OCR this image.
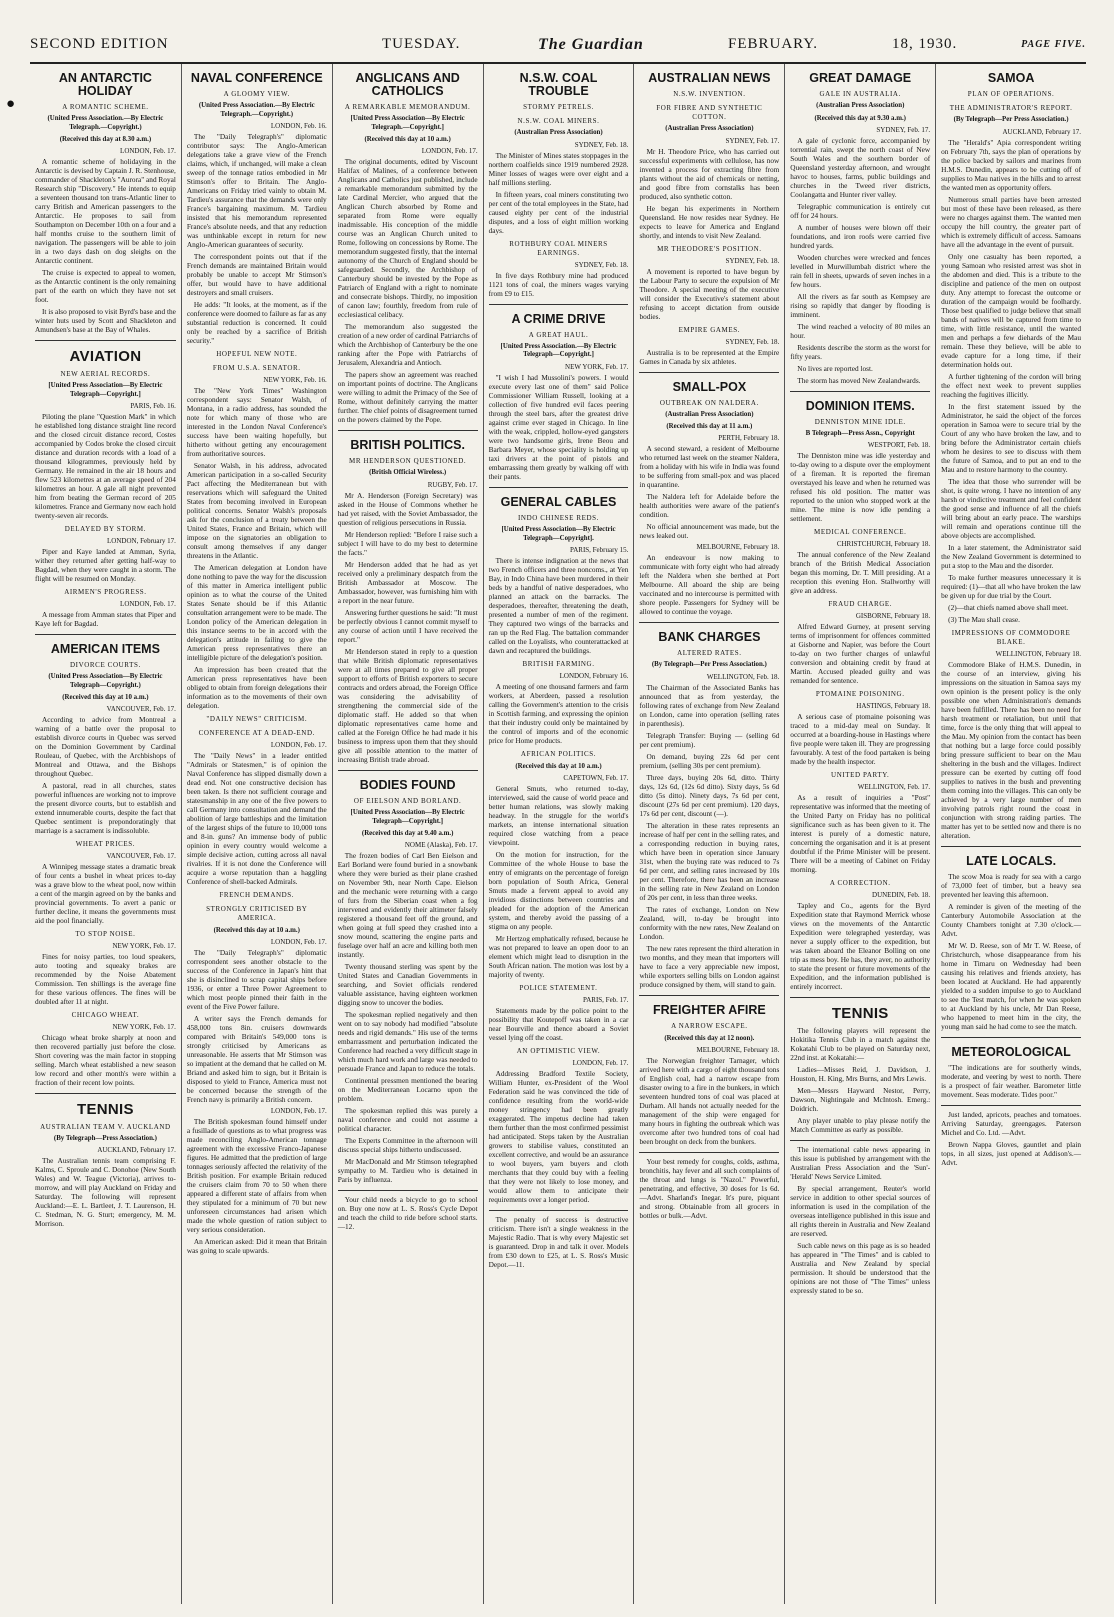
SECOND EDITION	TUESDAY.	The Guardian	FEBRUARY.	18, 1930.	PAGE FIVE.
●
AN ANTARCTIC HOLIDAY
A ROMANTIC SCHEME.
(United Press Association.—By Electric Telegraph.—Copyright.)
(Received this day at 8.30 a.m.)
LONDON, Feb. 17.

A romantic scheme of holidaying in the Antarctic is devised by Captain J. R. Stenhouse, commander of Shackleton's "Aurora" and Royal Research ship "Discovery." He intends to equip a seventeen thousand ton trans-Atlantic liner to carry British and American passengers to the Antarctic. He proposes to sail from Southampton on December 10th on a four and a half months cruise to the southern limit of navigation. The passengers will be able to join in a two days dash on dog sleighs on the Antarctic continent.

The cruise is expected to appeal to women, as the Antarctic continent is the only remaining part of the earth on which they have not set foot.

It is also proposed to visit Byrd's base and the winter huts used by Scott and Shackleton and Amundsen's base at the Bay of Whales.

AVIATION
NEW AERIAL RECORDS.
[United Press Association—By Electric Telegraph—Copyright.]
PARIS, Feb. 16.

Piloting the plane "Question Mark" in which he established long distance straight line record and the closed circuit distance record, Costes accompanied by Codos broke the closed circuit distance and duration records with a load of a thousand kilogrammes, previously held by Germany. He remained in the air 18 hours and flew 523 kilometres at an average speed of 204 kilometres an hour. A gale all night prevented him from beating the German record of 205 kilometres. France and Germany now each hold twenty-seven air records.

DELAYED BY STORM.
LONDON, February 17.

Piper and Kaye landed at Amman, Syria, wither they returned after getting half-way to Bagdad, when they were caught in a storm. The flight will be resumed on Monday.

AIRMEN'S PROGRESS.
LONDON, Feb. 17.

A message from Amman states that Piper and Kaye left for Bagdad.

AMERICAN ITEMS
DIVORCE COURTS.
(United Press Association—By Electric Telegraph—Copyright.)
(Received this day at 10 a.m.)
VANCOUVER, Feb. 17.

According to advice from Montreal a warning of a battle over the proposal to establish divorce courts in Quebec was served on the Dominion Government by Cardinal Rouleau, of Quebec, with the Archbishops of Montreal and Ottawa, and the Bishops throughout Quebec.

A pastoral, read in all churches, states powerful influences are working not to improve the present divorce courts, but to establish and extend innumerable courts, despite the fact that Quebec sentiment is prepondoratingly that marriage is a sacrament is indissoluble.

WHEAT PRICES.
VANCOUVER, Feb. 17.

A Winnipeg message states a dramatic break of four cents a bushel in wheat prices to-day was a grave blow to the wheat pool, now within a cent of the margin agreed on by the banks and provincial governments. To avert a panic or further decline, it means the governments must aid the pool financially.

TO STOP NOISE.
NEW YORK, Feb. 17.

Fines for noisy parties, too loud speakers, auto tooting and squeaky brakes are recommended by the Noise Abatement Commission. Ten shillings is the average fine for these various offences. The fines will be doubled after 11 at night.

CHICAGO WHEAT.
NEW YORK, Feb. 17.

Chicago wheat broke sharply at noon and then recovered partially just before the close. Short covering was the main factor in stopping selling. March wheat established a new season low record and other month's were within a fraction of their recent low points.

TENNIS
AUSTRALIAN TEAM V. AUCKLAND
(By Telegraph—Press Association.)
AUCKLAND, February 17.

The Australian tennis team comprising F. Kalms, C. Sproule and C. Donohoe (New South Wales) and W. Teague (Victoria), arrives to-morrow, and will play Auckland on Friday and Saturday. The following will represent Auckland:—E. L. Bartleet, J. T. Laurenson, H. C. Stedman, N. G. Sturt; emergency, M. M. Morrison.

NAVAL CONFERENCE
A GLOOMY VIEW.
(United Press Association.—By Electric Telegraph.—Copyright.)
LONDON, Feb. 16.

The "Daily Telegraph's" diplomatic contributor says: The Anglo-American delegations take a grave view of the French claims, which, if unchanged, will make a clean sweep of the tonnage ratios embodied in Mr Stimson's offer to Britain. The Anglo-Americans on Friday tried vainly to obtain M. Tardieu's assurance that the demands were only France's bargaining maximum. M. Tardieu insisted that his memorandum represented France's absolute needs, and that any reduction was unthinkable except in return for new Anglo-American guarantees of security.

The correspondent points out that if the French demands are maintained Britain would probably be unable to accept Mr Stimson's offer, but would have to have additional destroyers and small cruisers.

He adds: "It looks, at the moment, as if the conference were doomed to failure as far as any substantial reduction is concerned. It could only be reached by a sacrifice of British security."

HOPEFUL NEW NOTE.
FROM U.S.A. SENATOR.
NEW YORK, Feb. 16.

The "New York Times" Washington correspondent says: Senator Walsh, of Montana, in a radio address, has sounded the note for which many of those who are interested in the London Naval Conference's success have been waiting hopefully, but hitherto without getting any encouragement from authoritative sources.

Senator Walsh, in his address, advocated American participation in a so-called Security Pact affecting the Mediterranean but with reservations which will safeguard the United States from becoming involved in European political concerns. Senator Walsh's proposals ask for the conclusion of a treaty between the United States, France and Britain, which will impose on the signatories an obligation to consult among themselves if any danger threatens in the Atlantic.

The American delegation at London have done nothing to pave the way for the discussion of this matter in America intelligent public opinion as to what the course of the United States Senate should be if this Atlantic consultation arrangement were to be made. The London policy of the American delegation in this instance seems to be in accord with the delegation's attitude in failing to give the American press representatives there an intelligible picture of the delegation's position.

An impression has been created that the American press representatives have been obliged to obtain from foreign delegations their information as to the movements of their own delegation.

"DAILY NEWS" CRITICISM.
CONFERENCE AT A DEAD-END.
LONDON, Feb. 17.

The "Daily News" in a leader entitled "Admirals or Statesmen," is of opinion the Naval Conference has slipped dismally down a dead end. Not one constructive decision has been taken. Is there not sufficient courage and statesmanship in any one of the five powers to call Germany into consultation and demand the abolition of large battleships and the limitation of the largest ships of the future to 10,000 tons and 8-in. guns? An immense body of public opinion in every country would welcome a simple decisive action, cutting across all naval rivalries. If it is not done the Conference will acquire a worse reputation than a haggling Conference of shell-backed Admirals.

FRENCH DEMANDS.
STRONGLY CRITICISED BY AMERICA.
(Received this day at 10 a.m.)
LONDON, Feb. 17.

The "Daily Telegraph's" diplomatic correspondent sees another obstacle to the success of the Conference in Japan's hint that she is disinclined to scrap capital ships before 1936, or enter a Three Power Agreement to which most people pinned their faith in the event of the Five Power failure.

A writer says the French demands for 458,000 tons 8in. cruisers downwards compared with Britain's 549,000 tons is strongly criticised by Americans as unreasonable. He asserts that Mr Stimson was so impatient at the demand that he called on M. Briand and asked him to sign, but it Britain is disposed to yield to France, America must not be concerned because the strength of the French navy is primarily a British concern.

LONDON, Feb. 17.

The British spokesman found himself under a fusillade of questions as to what progress was made reconciling Anglo-American tonnage agreement with the excessive Franco-Japanese figures. He admitted that the prediction of large tonnages seriously affected the relativity of the British position. For example Britain reduced the cruisers claim from 70 to 50 when there appeared a different state of affairs from when they stipulated for a minimum of 70 but new unforeseen circumstances had arisen which made the whole question of ration subject to very serious consideration.

An American asked: Did it mean that Britain was going to scale upwards.

ANGLICANS AND CATHOLICS
A REMARKABLE MEMORANDUM.
[United Press Association—By Electric Telegraph.—Copyright.]
(Received this day at 10 a.m.)
LONDON, Feb. 17.

The original documents, edited by Viscount Halifax of Malines, of a conference between Anglicans and Catholics just published, include a remarkable memorandum submitted by the late Cardinal Mercier, who argued that the Anglican Church absorbed by Rome and separated from Rome were equally inadmissable. His conception of the middle course was an Anglican Church united to Rome, following on concessions by Rome. The memorandum suggested firstly, that the internal autonomy of the Church of England should be safeguarded. Secondly, the Archbishop of Canterbury should be invested by the Pope as Patriarch of England with a right to nominate and consecrate bishops. Thirdly, no imposition of canon law; fourthly, freedom from rule of ecclesiastical celibacy.

The memorandum also suggested the creation of a new order of cardinal Patriarchs of which the Archbishop of Canterbury be the one ranking after the Pope with Patriarchs of Jerusalem, Alexandria and Antioch.

The papers show an agreement was reached on important points of doctrine. The Anglicans were willing to admit the Primacy of the See of Rome, without definitely carrying the matter further. The chief points of disagreement turned on the powers claimed by the Pope.

BRITISH POLITICS.
MR HENDERSON QUESTIONED.
(British Official Wireless.)
RUGBY, Feb. 17.

Mr A. Henderson (Foreign Secretary) was asked in the House of Commons whether he had yet raised, with the Soviet Ambassador, the question of religious persecutions in Russia.

Mr Henderson replied: "Before I raise such a subject I will have to do my best to determine the facts."

Mr Henderson added that he had as yet received only a preliminary despatch from the British Ambassador at Moscow. The Ambassador, however, was furnishing him with a report in the near future.

Answering further questions he said: "It must be perfectly obvious I cannot commit myself to any course of action until I have received the report."

Mr Henderson stated in reply to a question that while British diplomatic representatives were at all times prepared to give all proper support to efforts of British exporters to secure contracts and orders abroad, the Foreign Office was considering the advisability of strengthening the commercial side of the diplomatic staff. He added so that when diplomatic representatives came home and called at the Foreign Office he had made it his business to impress upon them that they should give all possible attention to the matter of increasing British trade abroad.

BODIES FOUND
OF EIELSON AND BORLAND.
[United Press Association—By Electric Telegraph—Copyright.]
(Received this day at 9.40 a.m.)
NOME (Alaska), Feb. 17.

The frozen bodies of Carl Ben Eielson and Earl Borland were found buried in a snowbank where they were buried as their plane crashed on November 9th, near North Cape. Eielson and the mechanic were returning with a cargo of furs from the Siberian coast when a fog intervened and evidently their altimeter falsely registered a thousand feet off the ground, and when going at full speed they crashed into a snow mound, scattering the engine parts and fuselage over half an acre and killing both men instantly.

Twenty thousand sterling was spent by the United States and Canadian Governments in searching, and Soviet officials rendered valuable assistance, having eighteen workmen digging snow to uncover the bodies.

The spokesman replied negatively and then went on to say nobody had modified "absolute needs and rigid demands." His use of the terms embarrassment and perturbation indicated the Conference had reached a very difficult stage in which much hard work and large was needed to persuade France and Japan to reduce the totals.

Continental pressmen mentioned the bearing on the Mediterranean Locarno upon the problem.

The spokesman replied this was purely a naval conference and could not assume a political character.

The Experts Committee in the afternoon will discuss special ships hitherto undiscussed.

Mr MacDonald and Mr Stimson telegraphed sympathy to M. Tardieu who is detained in Paris by influenza.

Your child needs a bicycle to go to school on. Buy one now at L. S. Ross's Cycle Depot and teach the child to ride before school starts.—12.

N.S.W. COAL TROUBLE
STORMY PETRELS.
N.S.W. COAL MINERS.
(Australian Press Association)
SYDNEY, Feb. 18.

The Minister of Mines states stoppages in the northern coalfields since 1919 numbered 2928. Miner losses of wages were over eight and a half millions sterling.

In fifteen years, coal miners constituting two per cent of the total employees in the State, had caused eighty per cent of the industrial disputes, and a loss of eight million working days.

ROTHBURY COAL MINERS EARNINGS.
SYDNEY, Feb. 18.

In five days Rothbury mine had produced 1121 tons of coal, the miners wages varying from £9 to £15.

A CRIME DRIVE
A GREAT HAUL.
[United Press Association.—By Electric Telegraph—Copyright.]
NEW YORK, Feb. 17.

"I wish I had Mussolini's powers. I would execute every last one of them" said Police Commissioner William Russell, looking at a collection of five hundred evil faces peering through the steel bars, after the greatest drive against crime ever staged in Chicago. In line with the weak, crippled, hollow-eyed gangsters were two handsome girls, Irene Beou and Barbara Meyer, whose speciality is holding up taxi drivers at the point of pistols and embarrassing them greatly by walking off with their pants.

GENERAL CABLES
INDO CHINESE REDS.
[United Press Association—By Electric Telegraph—Copyright].
PARIS, February 15.

There is intense indignation at the news that two French officers and three noncoms., at Yen Bay, in Indo China have been murdered in their beds by a handful of native desperadoes, who planned an attack on the barracks. The desperadoes, thereafter, threatening the death, presented a number of men of the regiment. They captured two wings of the barracks and ran up the Red Flag. The battalion commander called on the Loyalists, who counterattacked at dawn and recaptured the buildings.

BRITISH FARMING.
LONDON, February 16.

A meeting of one thousand farmers and farm workers, at Aberdeen, passed a resolution calling the Government's attention to the crisis in Scottish farming, and expressing the opinion that their industry could only be maintained by the control of imports and of the economic price for Home products.

AFRICAN POLITICS.
(Received this day at 10 a.m.)
CAPETOWN, Feb. 17.

General Smuts, who returned to-day, interviewed, said the cause of world peace and better human relations, was slowly making headway. In the struggle for the world's markets, an intense international situation required close watching from a peace viewpoint.

On the motion for instruction, for the Committee of the whole House to base the entry of emigrants on the percentage of foreign born population of South Africa, General Smuts made a fervent appeal to avoid any invidious distinctions between countries and pleaded for the adoption of the American system, and thereby avoid the passing of a stigma on any people.

Mr Hertzog emphatically refused, because he was not prepared to leave an open door to an element which might lead to disruption in the South African nation. The motion was lost by a majority of twenty.

POLICE STATEMENT.
PARIS, Feb. 17.

Statements made by the police point to the possibility that Koutepoff was taken in a car near Bourville and thence aboard a Soviet vessel lying off the coast.

AN OPTIMISTIC VIEW.
LONDON, Feb. 17.

Addressing Bradford Textile Society, William Hunter, ex-President of the Wool Federation said he was convinced the tide of confidence resulting from the world-wide money stringency had been greatly exaggerated. The impetus decline had taken them further than the most confirmed pessimist had anticipated. Steps taken by the Australian growers to stabilise values, constituted an excellent corrective, and would be an assurance to wool buyers, yarn buyers and cloth merchants that they could buy with a feeling that they were not likely to lose money, and would allow them to anticipate their requirements over a longer period.

The penalty of success is destructive criticism. There isn't a single weakness in the Majestic Radio. That is why every Majestic set is guaranteed. Drop in and talk it over. Models from £30 down to £25, at L. S. Ross's Music Depot.—11.

AUSTRALIAN NEWS
N.S.W. INVENTION.
FOR FIBRE AND SYNTHETIC COTTON.
(Australian Press Association)
SYDNEY, Feb. 17.

Mr H. Theodore Price, who has carried out successful experiments with cellulose, has now invented a process for extracting fibre from plants without the aid of chemicals or netting, and good fibre from cornstalks has been produced, also synthetic cotton.

He began his experiments in Northern Queensland. He now resides near Sydney. He expects to leave for America and England shortly, and intends to visit New Zealand.

MR THEODORE'S POSITION.
SYDNEY, Feb. 18.

A movement is reported to have begun by the Labour Party to secure the expulsion of Mr Theodore. A special meeting of the executive will consider the Executive's statement about refusing to accept dictation from outside bodies.

EMPIRE GAMES.
SYDNEY, Feb. 18.

Australia is to be represented at the Empire Games in Canada by six athletes.

SMALL-POX
OUTBREAK ON NALDERA.
(Australian Press Association)
(Received this day at 11 a.m.)
PERTH, February 18.

A second steward, a resident of Melbourne who returned last week on the steamer Naldera, from a holiday with his wife in India was found to be suffering from small-pox and was placed in quarantine.

The Naldera left for Adelaide before the health authorities were aware of the patient's condition.

No official announcement was made, but the news leaked out.

MELBOURNE, February 18.

An endeavour is now making to communicate with forty eight who had already left the Naldera when she berthed at Port Melbourne. All aboard the ship are being vaccinated and no intercourse is permitted with shore people. Passengers for Sydney will be allowed to continue the voyage.

BANK CHARGES
ALTERED RATES.
(By Telegraph—Per Press Association.)
WELLINGTON, Feb. 18.

The Chairman of the Associated Banks has announced that as from yesterday, the following rates of exchange from New Zealand on London, came into operation (selling rates in parenthesis).

Telegraph Transfer: Buying — (selling 6d per cent premium).

On demand, buying 22s 6d per cent premium, (selling 30s per cent premium).

Three days, buying 20s 6d, ditto. Thirty days, 12s 6d, (12s 6d ditto). Sixty days, 5s 6d ditto (5s ditto). Ninety days, 7s 6d per cent, discount (27s 6d per cent premium). 120 days, 17s 6d per cent, discount (—).

The alteration in these rates represents an increase of half per cent in the selling rates, and a corresponding reduction in buying rates, which have been in operation since January 31st, when the buying rate was reduced to 7s 6d per cent, and selling rates increased by 10s per cent. Therefore, there has been an increase in the selling rate in New Zealand on London of 20s per cent, in less than three weeks.

The rates of exchange, London on New Zealand, will, to-day be brought into conformity with the new rates, New Zealand on London.

The new rates represent the third alteration in two months, and they mean that importers will have to face a very appreciable new impost, while exporters selling bills on London against produce consigned by them, will stand to gain.

FREIGHTER AFIRE
A NARROW ESCAPE.
(Received this day at 12 noon).
MELBOURNE, February 18.

The Norwegian freighter Tarnager, which arrived here with a cargo of eight thousand tons of English coal, had a narrow escape from disaster owing to a fire in the bunkers, in which seventeen hundred tons of coal was placed at Durham. All hands not actually needed for the management of the ship were engaged for many hours in fighting the outbreak which was overcome after two hundred tons of coal had been brought on deck from the bunkers.

Your best remedy for coughs, colds, asthma, bronchitis, hay fever and all such complaints of the throat and lungs is "Nazol." Powerful, penetrating, and effective, 30 doses for 1s 6d.—Advt. Sharland's Inegar. It's pure, piquant and strong. Obtainable from all grocers in bottles or bulk.—Advt.

GREAT DAMAGE
GALE IN AUSTRALIA.
(Australian Press Association)
(Received this day at 9.30 a.m.)
SYDNEY, Feb. 17.

A gale of cyclonic force, accompanied by torrential rain, swept the north coast of New South Wales and the southern border of Queensland yesterday afternoon, and wrought havoc to houses, farms, public buildings and churches in the Tweed river districts, Coolangatta and Hunter river valley.

Telegraphic communication is entirely cut off for 24 hours.

A number of houses were blown off their foundations, and iron roofs were carried five hundred yards.

Wooden churches were wrecked and fences levelled in Murwillumbah district where the rain fell in sheets, upwards of seven inches in a few hours.

All the rivers as far south as Kempsey are rising so rapidly that danger by flooding is imminent.

The wind reached a velocity of 80 miles an hour.

Residents describe the storm as the worst for fifty years.

No lives are reported lost.

The storm has moved New Zealandwards.

DOMINION ITEMS.
DENNISTON MINE IDLE.
B Telegraph—Press Assn., Copyright
WESTPORT, Feb. 18.

The Denniston mine was idle yesterday and to-day owing to a dispute over the employment of a fireman. It is reported the fireman overstayed his leave and when he returned was refused his old position. The matter was reported to the union who stopped work at the mine. The mine is now idle pending a settlement.

MEDICAL CONFERENCE.
CHRISTCHURCH, February 18.

The annual conference of the New Zealand branch of the British Medical Association began this morning, Dr. T. Mill presiding. At a reception this evening Hon. Stallworthy will give an address.

FRAUD CHARGE.
GISBORNE, February 18.

Alfred Edward Gurney, at present serving terms of imprisonment for offences committed at Gisborne and Napier, was before the Court to-day on two further charges of unlawful conversion and obtaining credit by fraud at Martin. Accused pleaded guilty and was remanded for sentence.

PTOMAINE POISONING.
HASTINGS, February 18.

A serious case of ptomaine poisoning was traced to a mid-day meal on Sunday. It occurred at a boarding-house in Hastings where five people were taken ill. They are progressing favourably. A test of the food partaken is being made by the health inspector.

UNITED PARTY.
WELLINGTON, Feb. 17.

As a result of inquiries a "Post" representative was informed that the meeting of the United Party on Friday has no political significance such as has been given to it. The interest is purely of a domestic nature, concerning the organisation and it is at present doubtful if the Prime Minister will be present. There will be a meeting of Cabinet on Friday morning.

A CORRECTION.
DUNEDIN, Feb. 18.

Tapley and Co., agents for the Byrd Expedition state that Raymond Merrick whose views on the movements of the Antarctic Expedition were telegraphed yesterday, was never a supply officer to the expedition, but was taken aboard the Eleanor Bolling on one trip as mess boy. He has, they aver, no authority to state the present or future movements of the Expedition, and the information published is entirely incorrect.

TENNIS

The following players will represent the Hokitika Tennis Club in a match against the Kokatahi Club to be played on Saturday next, 22nd inst. at Kokatahi:—

Ladies—Misses Reid, J. Davidson, J. Houston, H. King, Mrs Burns, and Mrs Lewis.

Men—Messrs Hayward Nestor, Perry, Dawson, Nightingale and McIntosh. Emerg.: Doidrich.

Any player unable to play please notify the Match Committee as early as possible.

The international cable news appearing in this issue is published by arrangement with the Australian Press Association and the 'Sun'-'Herald' News Service Limited.

By special arrangement, Reuter's world service in addition to other special sources of information is used in the compilation of the overseas intelligence published in this issue and all rights therein in Australia and New Zealand are reserved.

Such cable news on this page as is so headed has appeared in "The Times" and is cabled to Australia and New Zealand by special permission. It should be understood that the opinions are not those of "The Times" unless expressly stated to be so.

SAMOA
PLAN OF OPERATIONS.
THE ADMINISTRATOR'S REPORT.
(By Telegraph—Per Press Association.)
AUCKLAND, February 17.

The "Herald's" Apia correspondent writing on February 7th, says the plan of operations by the police backed by sailors and marines from H.M.S. Dunedin, appears to be cutting off of supplies to Mau natives in the hills and to arrest the wanted men as opportunity offers.

Numerous small parties have been arrested but most of these have been released, as there were no charges against them. The wanted men occupy the hill country, the greater part of which is extremely difficult of access. Samoans have all the advantage in the event of pursuit.

Only one casualty has been reported, a young Samoan who resisted arrest was shot in the abdomen and died. This is a tribute to the discipline and patience of the men on outpost duty. Any attempt to forecast the outcome or duration of the campaign would be foolhardy. Those best qualified to judge believe that small bands of natives will be captured from time to time, with little resistance, until the wanted men and perhaps a few diehards of the Mau remain. These they believe, will be able to evade capture for a long time, if their determination holds out.

A further tightening of the cordon will bring the effect next week to prevent supplies reaching the fugitives illicitly.

In the first statement issued by the Administrator, he said the object of the forces operation in Samoa were to secure trial by the Court of any who have broken the law, and to bring before the Administrator certain chiefs whom he desires to see to discuss with them the future of Samoa, and to put an end to the Mau and to restore harmony to the country.

The idea that those who surrender will be shot, is quite wrong. I have no intention of any harsh or vindictive treatment and feel confident the good sense and influence of all the chiefs will bring about an early peace. The warships will remain and operations continue till the above objects are accomplished.

In a later statement, the Administrator said the New Zealand Government is determined to put a stop to the Mau and the disorder.

To make further measures unnecessary it is required: (1)—that all who have broken the law be given up for due trial by the Court.

(2)—that chiefs named above shall meet.

(3) The Mau shall cease.

IMPRESSIONS OF COMMODORE BLAKE.
WELLINGTON, February 18.

Commodore Blake of H.M.S. Dunedin, in the course of an interview, giving his impressions on the situation in Samoa says my own opinion is the present policy is the only possible one when Administration's demands have been fulfilled. There has been no need for harsh treatment or retaliation, but until that time, force is the only thing that will appeal to the Mau. My opinion from the contact has been that nothing but a large force could possibly bring pressure sufficient to bear on the Mau sheltering in the bush and the villages. Indirect pressure can be exerted by cutting off food supplies to natives in the bush and preventing them coming into the villages. This can only be achieved by a very large number of men involving patrols right round the coast in conjunction with strong raiding parties. The matter has yet to be settled now and there is no alteration.

LATE LOCALS.

The scow Moa is ready for sea with a cargo of 73,000 feet of timber, but a heavy sea prevented her leaving this afternoon.

A reminder is given of the meeting of the Canterbury Automobile Association at the County Chambers tonight at 7.30 o'clock.—Advt.

Mr W. D. Reese, son of Mr T. W. Reese, of Christchurch, whose disappearance from his home in Timaru on Wednesday had been causing his relatives and friends anxiety, has been located at Auckland. He had apparently yielded to a sudden impulse to go to Auckland to see the Test match, for when he was spoken to at Auckland by his uncle, Mr Dan Reese, who happened to meet him in the city, the young man said he had come to see the match.

METEOROLOGICAL

"The indications are for southerly winds, moderate, and veering by west to north. There is a prospect of fair weather. Barometer little movement. Seas moderate. Tides poor."

Just landed, apricots, peaches and tomatoes. Arriving Saturday, greengages. Paterson Michel and Co. Ltd. —Advt.

Brown Nappa Gloves, gauntlet and plain tops, in all sizes, just opened at Addison's.—Advt.
